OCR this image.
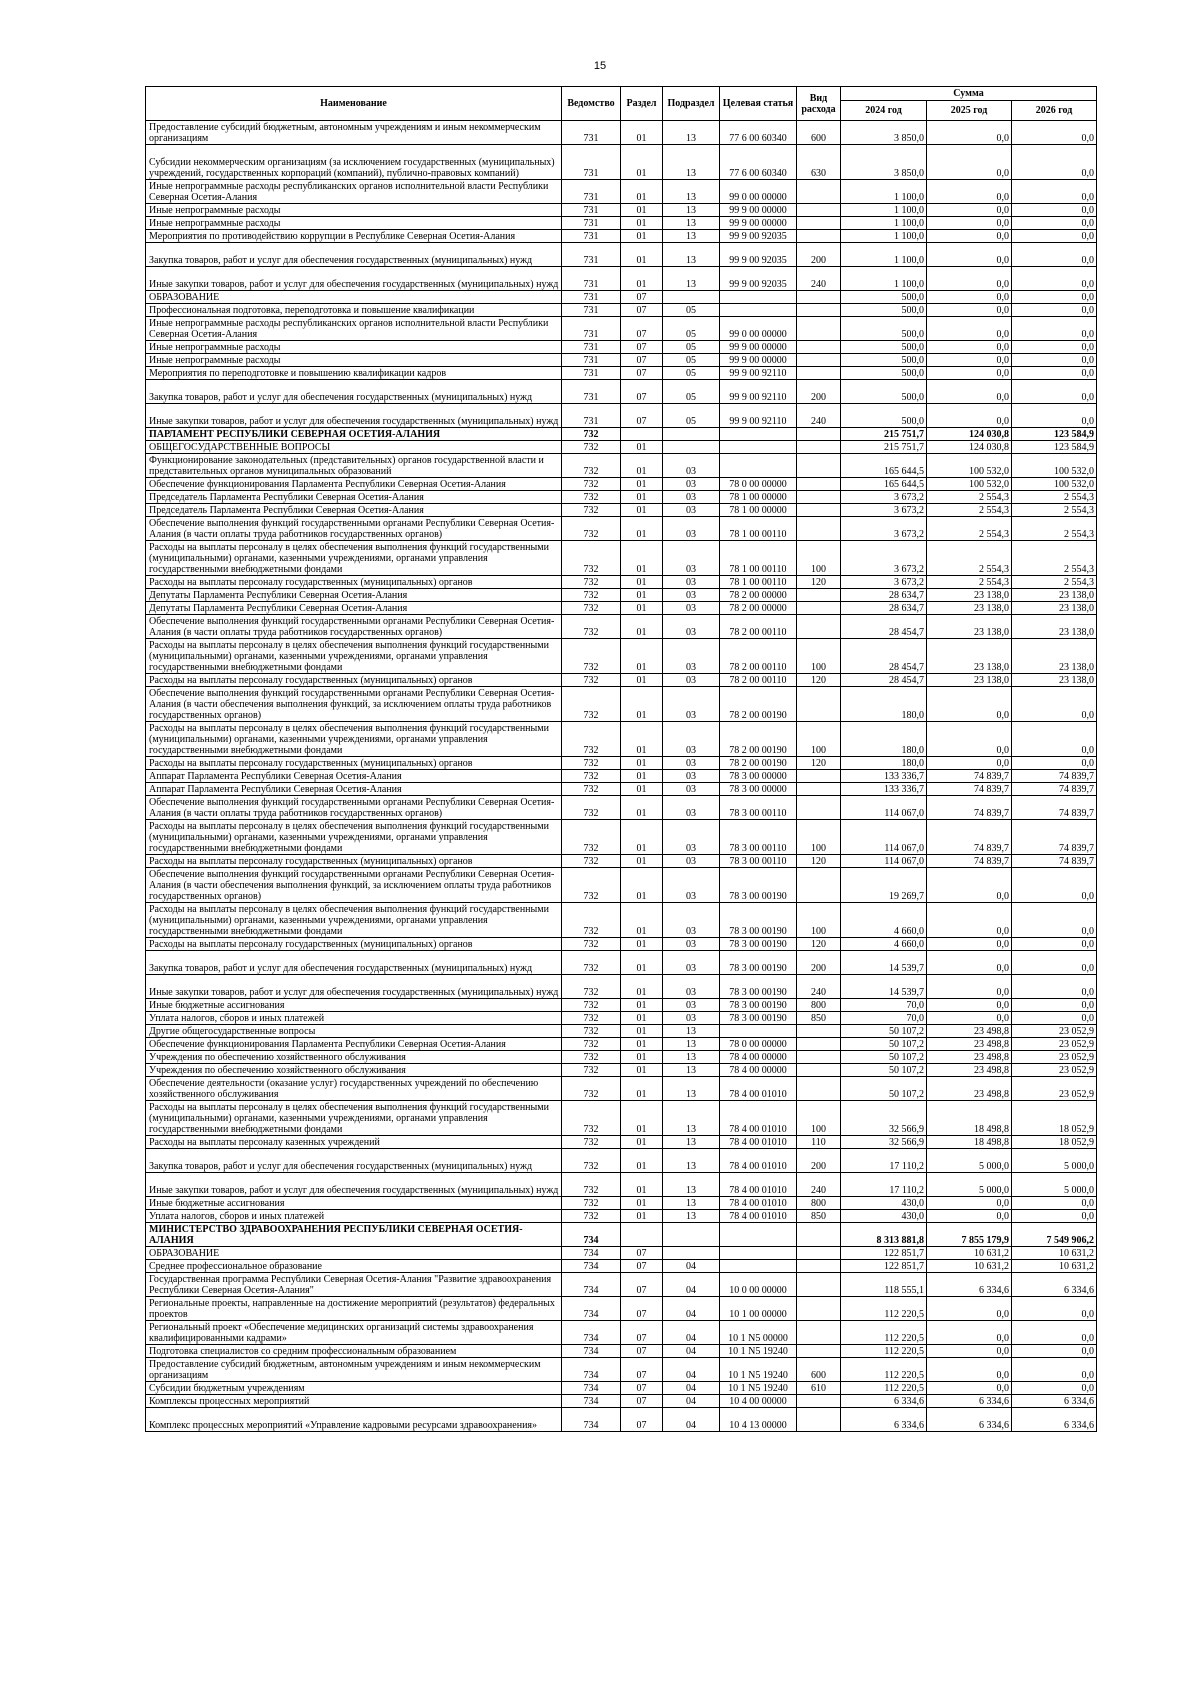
15
Наименование	Ведомство	Раздел	Подраздел	Целевая статья	Вид расхода	Сумма		
						2024 год	2025 год	2026 год
Предоставление субсидий бюджетным, автономным учреждениям и иным некоммерческим организациям	731	01	13	77 6 00 60340	600	3 850,0	0,0	0,0
Субсидии некоммерческим организациям (за исключением государственных (муниципальных) учреждений, государственных корпораций (компаний), публично-правовых компаний)	731	01	13	77 6 00 60340	630	3 850,0	0,0	0,0
Иные непрограммные расходы республиканских органов исполнительной власти Республики Северная Осетия-Алания	731	01	13	99 0 00 00000		1 100,0	0,0	0,0
Иные непрограммные расходы	731	01	13	99 9 00 00000		1 100,0	0,0	0,0
Иные непрограммные расходы	731	01	13	99 9 00 00000		1 100,0	0,0	0,0
Мероприятия по противодействию коррупции в Республике Северная Осетия-Алания	731	01	13	99 9 00 92035		1 100,0	0,0	0,0
Закупка товаров, работ и услуг для обеспечения государственных (муниципальных) нужд	731	01	13	99 9 00 92035	200	1 100,0	0,0	0,0
Иные закупки товаров, работ и услуг для обеспечения государственных (муниципальных) нужд	731	01	13	99 9 00 92035	240	1 100,0	0,0	0,0
ОБРАЗОВАНИЕ	731	07				500,0	0,0	0,0
Профессиональная подготовка, переподготовка и повышение квалификации	731	07	05			500,0	0,0	0,0
Иные непрограммные расходы республиканских органов исполнительной власти Республики Северная Осетия-Алания	731	07	05	99 0 00 00000		500,0	0,0	0,0
Иные непрограммные расходы	731	07	05	99 9 00 00000		500,0	0,0	0,0
Иные непрограммные расходы	731	07	05	99 9 00 00000		500,0	0,0	0,0
Мероприятия по переподготовке и повышению квалификации кадров	731	07	05	99 9 00 92110		500,0	0,0	0,0
Закупка товаров, работ и услуг для обеспечения государственных (муниципальных) нужд	731	07	05	99 9 00 92110	200	500,0	0,0	0,0
Иные закупки товаров, работ и услуг для обеспечения государственных (муниципальных) нужд	731	07	05	99 9 00 92110	240	500,0	0,0	0,0
ПАРЛАМЕНТ РЕСПУБЛИКИ СЕВЕРНАЯ ОСЕТИЯ-АЛАНИЯ	732					215 751,7	124 030,8	123 584,9
ОБЩЕГОСУДАРСТВЕННЫЕ ВОПРОСЫ	732	01				215 751,7	124 030,8	123 584,9
Функционирование законодательных (представительных) органов государственной власти и представительных органов муниципальных образований	732	01	03			165 644,5	100 532,0	100 532,0
Обеспечение функционирования Парламента Республики Северная Осетия-Алания	732	01	03	78 0 00 00000		165 644,5	100 532,0	100 532,0
Председатель Парламента Республики Северная Осетия-Алания	732	01	03	78 1 00 00000		3 673,2	2 554,3	2 554,3
Председатель Парламента Республики Северная Осетия-Алания	732	01	03	78 1 00 00000		3 673,2	2 554,3	2 554,3
Обеспечение выполнения функций государственными органами Республики Северная Осетия-Алания (в части оплаты труда работников государственных органов)	732	01	03	78 1 00 00110		3 673,2	2 554,3	2 554,3
Расходы на выплаты персоналу в целях обеспечения выполнения функций государственными (муниципальными) органами, казенными учреждениями, органами управления государственными внебюджетными фондами	732	01	03	78 1 00 00110	100	3 673,2	2 554,3	2 554,3
Расходы на выплаты персоналу государственных (муниципальных) органов	732	01	03	78 1 00 00110	120	3 673,2	2 554,3	2 554,3
Депутаты Парламента Республики Северная Осетия-Алания	732	01	03	78 2 00 00000		28 634,7	23 138,0	23 138,0
Депутаты Парламента Республики Северная Осетия-Алания	732	01	03	78 2 00 00000		28 634,7	23 138,0	23 138,0
Обеспечение выполнения функций государственными органами Республики Северная Осетия-Алания (в части оплаты труда работников государственных органов)	732	01	03	78 2 00 00110		28 454,7	23 138,0	23 138,0
Расходы на выплаты персоналу в целях обеспечения выполнения функций государственными (муниципальными) органами, казенными учреждениями, органами управления государственными внебюджетными фондами	732	01	03	78 2 00 00110	100	28 454,7	23 138,0	23 138,0
Расходы на выплаты персоналу государственных (муниципальных) органов	732	01	03	78 2 00 00110	120	28 454,7	23 138,0	23 138,0
Обеспечение выполнения функций государственными органами Республики Северная Осетия-Алания (в части обеспечения выполнения функций, за исключением оплаты труда работников государственных органов)	732	01	03	78 2 00 00190		180,0	0,0	0,0
Расходы на выплаты персоналу в целях обеспечения выполнения функций государственными (муниципальными) органами, казенными учреждениями, органами управления государственными внебюджетными фондами	732	01	03	78 2 00 00190	100	180,0	0,0	0,0
Расходы на выплаты персоналу государственных (муниципальных) органов	732	01	03	78 2 00 00190	120	180,0	0,0	0,0
Аппарат Парламента Республики Северная Осетия-Алания	732	01	03	78 3 00 00000		133 336,7	74 839,7	74 839,7
Аппарат Парламента Республики Северная Осетия-Алания	732	01	03	78 3 00 00000		133 336,7	74 839,7	74 839,7
Обеспечение выполнения функций государственными органами Республики Северная Осетия-Алания (в части оплаты труда работников государственных органов)	732	01	03	78 3 00 00110		114 067,0	74 839,7	74 839,7
Расходы на выплаты персоналу в целях обеспечения выполнения функций государственными (муниципальными) органами, казенными учреждениями, органами управления государственными внебюджетными фондами	732	01	03	78 3 00 00110	100	114 067,0	74 839,7	74 839,7
Расходы на выплаты персоналу государственных (муниципальных) органов	732	01	03	78 3 00 00110	120	114 067,0	74 839,7	74 839,7
Обеспечение выполнения функций государственными органами Республики Северная Осетия-Алания (в части обеспечения выполнения функций, за исключением оплаты труда работников государственных органов)	732	01	03	78 3 00 00190		19 269,7	0,0	0,0
Расходы на выплаты персоналу в целях обеспечения выполнения функций государственными (муниципальными) органами, казенными учреждениями, органами управления государственными внебюджетными фондами	732	01	03	78 3 00 00190	100	4 660,0	0,0	0,0
Расходы на выплаты персоналу государственных (муниципальных) органов	732	01	03	78 3 00 00190	120	4 660,0	0,0	0,0
Закупка товаров, работ и услуг для обеспечения государственных (муниципальных) нужд	732	01	03	78 3 00 00190	200	14 539,7	0,0	0,0
Иные закупки товаров, работ и услуг для обеспечения государственных (муниципальных) нужд	732	01	03	78 3 00 00190	240	14 539,7	0,0	0,0
Иные бюджетные ассигнования	732	01	03	78 3 00 00190	800	70,0	0,0	0,0
Уплата налогов, сборов и иных платежей	732	01	03	78 3 00 00190	850	70,0	0,0	0,0
Другие общегосударственные вопросы	732	01	13			50 107,2	23 498,8	23 052,9
Обеспечение функционирования Парламента Республики Северная Осетия-Алания	732	01	13	78 0 00 00000		50 107,2	23 498,8	23 052,9
Учреждения по обеспечению хозяйственного обслуживания	732	01	13	78 4 00 00000		50 107,2	23 498,8	23 052,9
Учреждения по обеспечению хозяйственного обслуживания	732	01	13	78 4 00 00000		50 107,2	23 498,8	23 052,9
Обеспечение деятельности (оказание услуг) государственных учреждений по обеспечению хозяйственного обслуживания	732	01	13	78 4 00 01010		50 107,2	23 498,8	23 052,9
Расходы на выплаты персоналу в целях обеспечения выполнения функций государственными (муниципальными) органами, казенными учреждениями, органами управления государственными внебюджетными фондами	732	01	13	78 4 00 01010	100	32 566,9	18 498,8	18 052,9
Расходы на выплаты персоналу казенных учреждений	732	01	13	78 4 00 01010	110	32 566,9	18 498,8	18 052,9
Закупка товаров, работ и услуг для обеспечения государственных (муниципальных) нужд	732	01	13	78 4 00 01010	200	17 110,2	5 000,0	5 000,0
Иные закупки товаров, работ и услуг для обеспечения государственных (муниципальных) нужд	732	01	13	78 4 00 01010	240	17 110,2	5 000,0	5 000,0
Иные бюджетные ассигнования	732	01	13	78 4 00 01010	800	430,0	0,0	0,0
Уплата налогов, сборов и иных платежей	732	01	13	78 4 00 01010	850	430,0	0,0	0,0
МИНИСТЕРСТВО ЗДРАВООХРАНЕНИЯ РЕСПУБЛИКИ СЕВЕРНАЯ ОСЕТИЯ-АЛАНИЯ	734					8 313 881,8	7 855 179,9	7 549 906,2
ОБРАЗОВАНИЕ	734	07				122 851,7	10 631,2	10 631,2
Среднее профессиональное образование	734	07	04			122 851,7	10 631,2	10 631,2
Государственная программа Республики Северная Осетия-Алания "Развитие здравоохранения Республики Северная Осетия-Алания"	734	07	04	10 0 00 00000		118 555,1	6 334,6	6 334,6
Региональные проекты, направленные на достижение мероприятий (результатов) федеральных проектов	734	07	04	10 1 00 00000		112 220,5	0,0	0,0
Региональный проект «Обеспечение медицинских организаций системы здравоохранения квалифицированными кадрами»	734	07	04	10 1 N5 00000		112 220,5	0,0	0,0
Подготовка специалистов со средним профессиональным образованием	734	07	04	10 1 N5 19240		112 220,5	0,0	0,0
Предоставление субсидий бюджетным, автономным учреждениям и иным некоммерческим организациям	734	07	04	10 1 N5 19240	600	112 220,5	0,0	0,0
Субсидии бюджетным учреждениям	734	07	04	10 1 N5 19240	610	112 220,5	0,0	0,0
Комплексы процессных мероприятий	734	07	04	10 4 00 00000		6 334,6	6 334,6	6 334,6
Комплекс процессных мероприятий «Управление кадровыми ресурсами здравоохранения»	734	07	04	10 4 13 00000		6 334,6	6 334,6	6 334,6
